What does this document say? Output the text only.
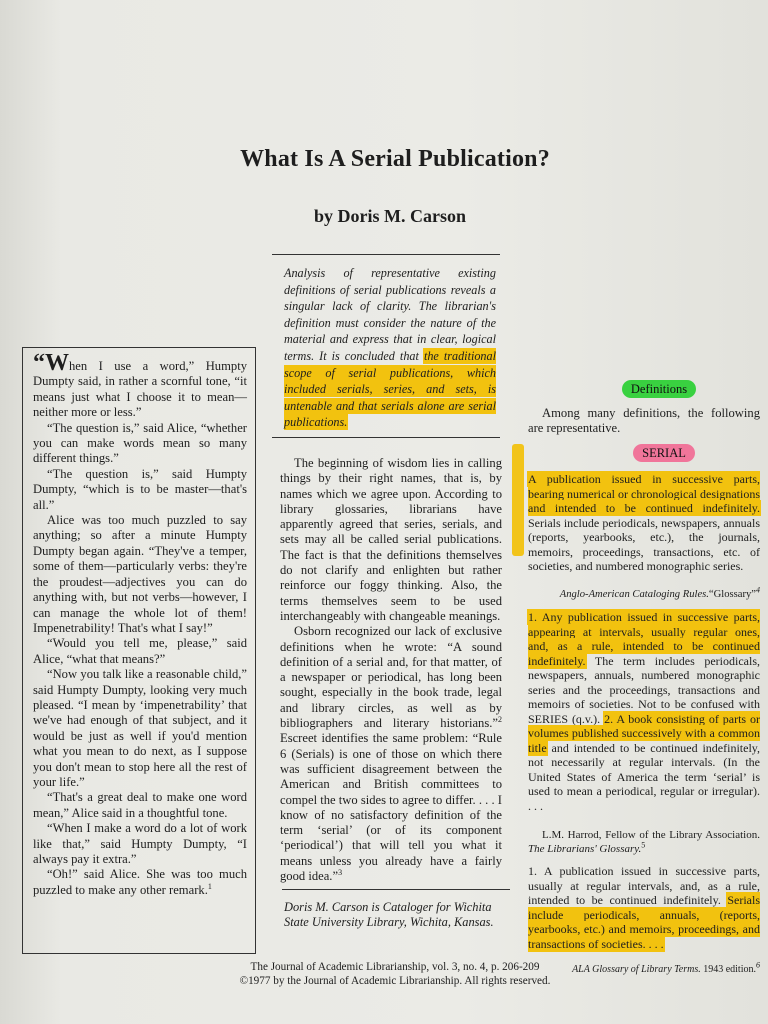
What Is A Serial Publication?
by Doris M. Carson
Analysis of representative existing definitions of serial publications reveals a singular lack of clarity. The librarian's definition must consider the nature of the material and express that in clear, logical terms. It is concluded that the traditional scope of serial publications, which included serials, series, and sets, is untenable and that serials alone are serial publications.

“When I use a word,” Humpty Dumpty said, in rather a scornful tone, “it means just what I choose it to mean—neither more or less.”

“The question is,” said Alice, “whether you can make words mean so many different things.”

“The question is,” said Humpty Dumpty, “which is to be master—that's all.”

Alice was too much puzzled to say anything; so after a minute Humpty Dumpty began again. “They've a temper, some of them—particularly verbs: they're the proudest—adjectives you can do anything with, but not verbs—however, I can manage the whole lot of them! Impenetrability! That's what I say!”

“Would you tell me, please,” said Alice, “what that means?”

“Now you talk like a reasonable child,” said Humpty Dumpty, looking very much pleased. “I mean by ‘impenetrability’ that we've had enough of that subject, and it would be just as well if you'd mention what you mean to do next, as I suppose you don't mean to stop here all the rest of your life.”

“That's a great deal to make one word mean,” Alice said in a thoughtful tone.

“When I make a word do a lot of work like that,” said Humpty Dumpty, “I always pay it extra.”

“Oh!” said Alice. She was too much puzzled to make any other remark.$^1$

The beginning of wisdom lies in calling things by their right names, that is, by names which we agree upon. According to library glossaries, librarians have apparently agreed that series, serials, and sets may all be called serial publications. The fact is that the definitions themselves do not clarify and enlighten but rather reinforce our foggy thinking. Also, the terms themselves seem to be used interchangeably with changeable meanings.

Osborn recognized our lack of exclusive definitions when he wrote: “A sound definition of a serial and, for that matter, of a newspaper or periodical, has long been sought, especially in the book trade, legal and library circles, as well as by bibliographers and literary historians.”$^2$ Escreet identifies the same problem: “Rule 6 (Serials) is one of those on which there was sufficient disagreement between the American and British committees to compel the two sides to agree to differ. . . . I know of no satisfactory definition of the term ‘serial’ (or of its component ‘periodical’) that will tell you what it means unless you already have a fairly good idea.”$^3$

Doris M. Carson is Cataloger for Wichita State University Library, Wichita, Kansas.
Definitions

Among many definitions, the following are representative.

SERIAL

A publication issued in successive parts, bearing numerical or chronological designations and intended to be continued indefinitely. Serials include periodicals, newspapers, annuals (reports, yearbooks, etc.), the journals, memoirs, proceedings, transactions, etc. of societies, and numbered monographic series.

Anglo-American Cataloging Rules.“Glossary”$^4$

1. Any publication issued in successive parts, appearing at intervals, usually regular ones, and, as a rule, intended to be continued indefinitely. The term includes periodicals, newspapers, annuals, numbered monographic series and the proceedings, transactions and memoirs of societies. Not to be confused with SERIES (q.v.). 2. A book consisting of parts or volumes published successively with a common title and intended to be continued indefinitely, not necessarily at regular intervals. (In the United States of America the term ‘serial’ is used to mean a periodical, regular or irregular). . . .

L.M. Harrod, Fellow of the Library Association. The Librarians' Glossary.$^5$

1. A publication issued in successive parts, usually at regular intervals, and, as a rule, intended to be continued indefinitely. Serials include periodicals, annuals, (reports, yearbooks, etc.) and memoirs, proceedings, and transactions of societies. . . .

ALA Glossary of Library Terms. 1943 edition.$^6$

The Journal of Academic Librarianship, vol. 3, no. 4, p. 206-209
©1977 by the Journal of Academic Librarianship. All rights reserved.
